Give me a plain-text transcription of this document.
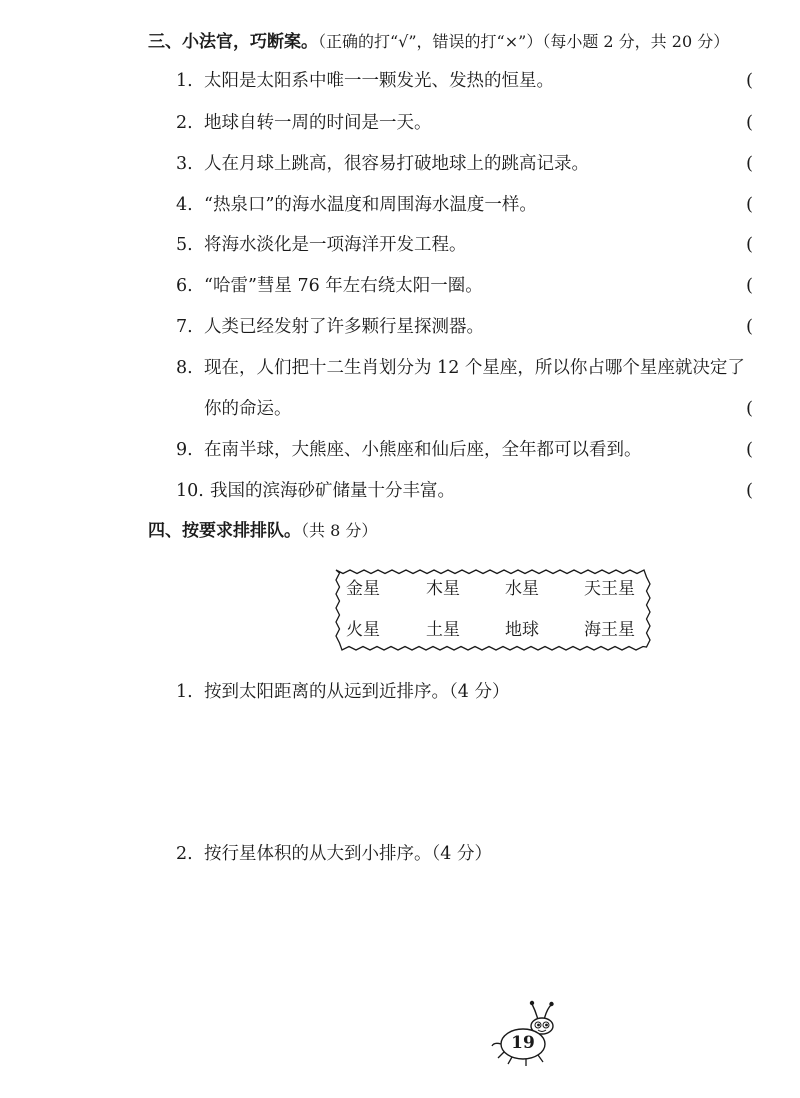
三、小法官，巧断案。（正确的打“√”，错误的打“×”）（每小题 2 分，共 20 分）
1. 太阳是太阳系中唯一一颗发光、发热的恒星。	(
2. 地球自转一周的时间是一天。	(
3. 人在月球上跳高，很容易打破地球上的跳高记录。	(
4. “热泉口”的海水温度和周围海水温度一样。	(
5. 将海水淡化是一项海洋开发工程。	(
6. “哈雷”彗星 76 年左右绕太阳一圈。	(
7. 人类已经发射了许多颗行星探测器。	(
8. 现在，人们把十二生肖划分为 12 个星座，所以你占哪个星座就决定了
你的命运。	(
9. 在南半球，大熊座、小熊座和仙后座，全年都可以看到。	(
10. 我国的滨海砂矿储量十分丰富。	(
四、按要求排排队。（共 8 分）
金星	木星	水星	天王星
火星	土星	地球	海王星
1. 按到太阳距离的从远到近排序。（4 分）
2. 按行星体积的从大到小排序。（4 分）
19
